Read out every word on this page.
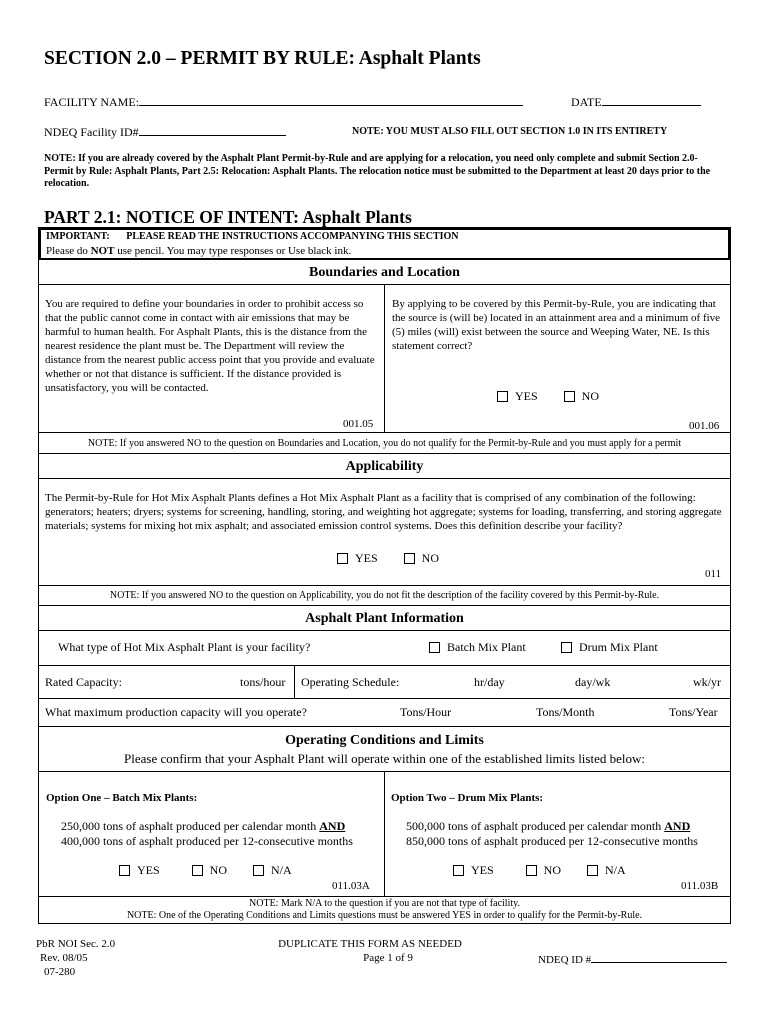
SECTION 2.0 – PERMIT BY RULE: Asphalt Plants
FACILITY NAME:	DATE
NDEQ Facility ID#	NOTE: YOU MUST ALSO FILL OUT SECTION 1.0 IN ITS ENTIRETY
NOTE: If you are already covered by the Asphalt Plant Permit-by-Rule and are applying for a relocation, you need only complete and submit Section 2.0-Permit by Rule: Asphalt Plants, Part 2.5: Relocation: Asphalt Plants. The relocation notice must be submitted to the Department at least 20 days prior to the relocation.
PART 2.1: NOTICE OF INTENT: Asphalt Plants
IMPORTANT: PLEASE READ THE INSTRUCTIONS ACCOMPANYING THIS SECTION
Please do NOT use pencil. You may type responses or Use black ink.
Boundaries and Location
You are required to define your boundaries in order to prohibit access so that the public cannot come in contact with air emissions that may be harmful to human health. For Asphalt Plants, this is the distance from the nearest residence the plant must be. The Department will review the distance from the nearest public access point that you provide and evaluate whether or not that distance is sufficient. If the distance provided is unsatisfactory, you will be contacted.
001.05
By applying to be covered by this Permit-by-Rule, you are indicating that the source is (will be) located in an attainment area and a minimum of five (5) miles (will) exist between the source and Weeping Water, NE. Is this statement correct?
YES	NO
001.06
NOTE: If you answered NO to the question on Boundaries and Location, you do not qualify for the Permit-by-Rule and you must apply for a permit
Applicability
The Permit-by-Rule for Hot Mix Asphalt Plants defines a Hot Mix Asphalt Plant as a facility that is comprised of any combination of the following: generators; heaters; dryers; systems for screening, handling, storing, and weighting hot aggregate; systems for loading, transferring, and storing aggregate materials; systems for mixing hot mix asphalt; and associated emission control systems. Does this definition describe your facility?
YES	NO
011
NOTE: If you answered NO to the question on Applicability, you do not fit the description of the facility covered by this Permit-by-Rule.
Asphalt Plant Information
What type of Hot Mix Asphalt Plant is your facility?	Batch Mix Plant	Drum Mix Plant
Rated Capacity:	tons/hour Operating Schedule:	hr/day	day/wk	wk/yr
What maximum production capacity will you operate?	Tons/Hour	Tons/Month	Tons/Year
Operating Conditions and Limits
Please confirm that your Asphalt Plant will operate within one of the established limits listed below:
Option One – Batch Mix Plants:
250,000 tons of asphalt produced per calendar month AND
400,000 tons of asphalt produced per 12-consecutive months
YES	NO	N/A
011.03A
Option Two – Drum Mix Plants:
500,000 tons of asphalt produced per calendar month AND
850,000 tons of asphalt produced per 12-consecutive months
YES	NO	N/A
011.03B
NOTE: Mark N/A to the question if you are not that type of facility.
NOTE: One of the Operating Conditions and Limits questions must be answered YES in order to qualify for the Permit-by-Rule.
PbR NOI Sec. 2.0
Rev. 08/05
07-280
DUPLICATE THIS FORM AS NEEDED
Page 1 of 9	NDEQ ID #
